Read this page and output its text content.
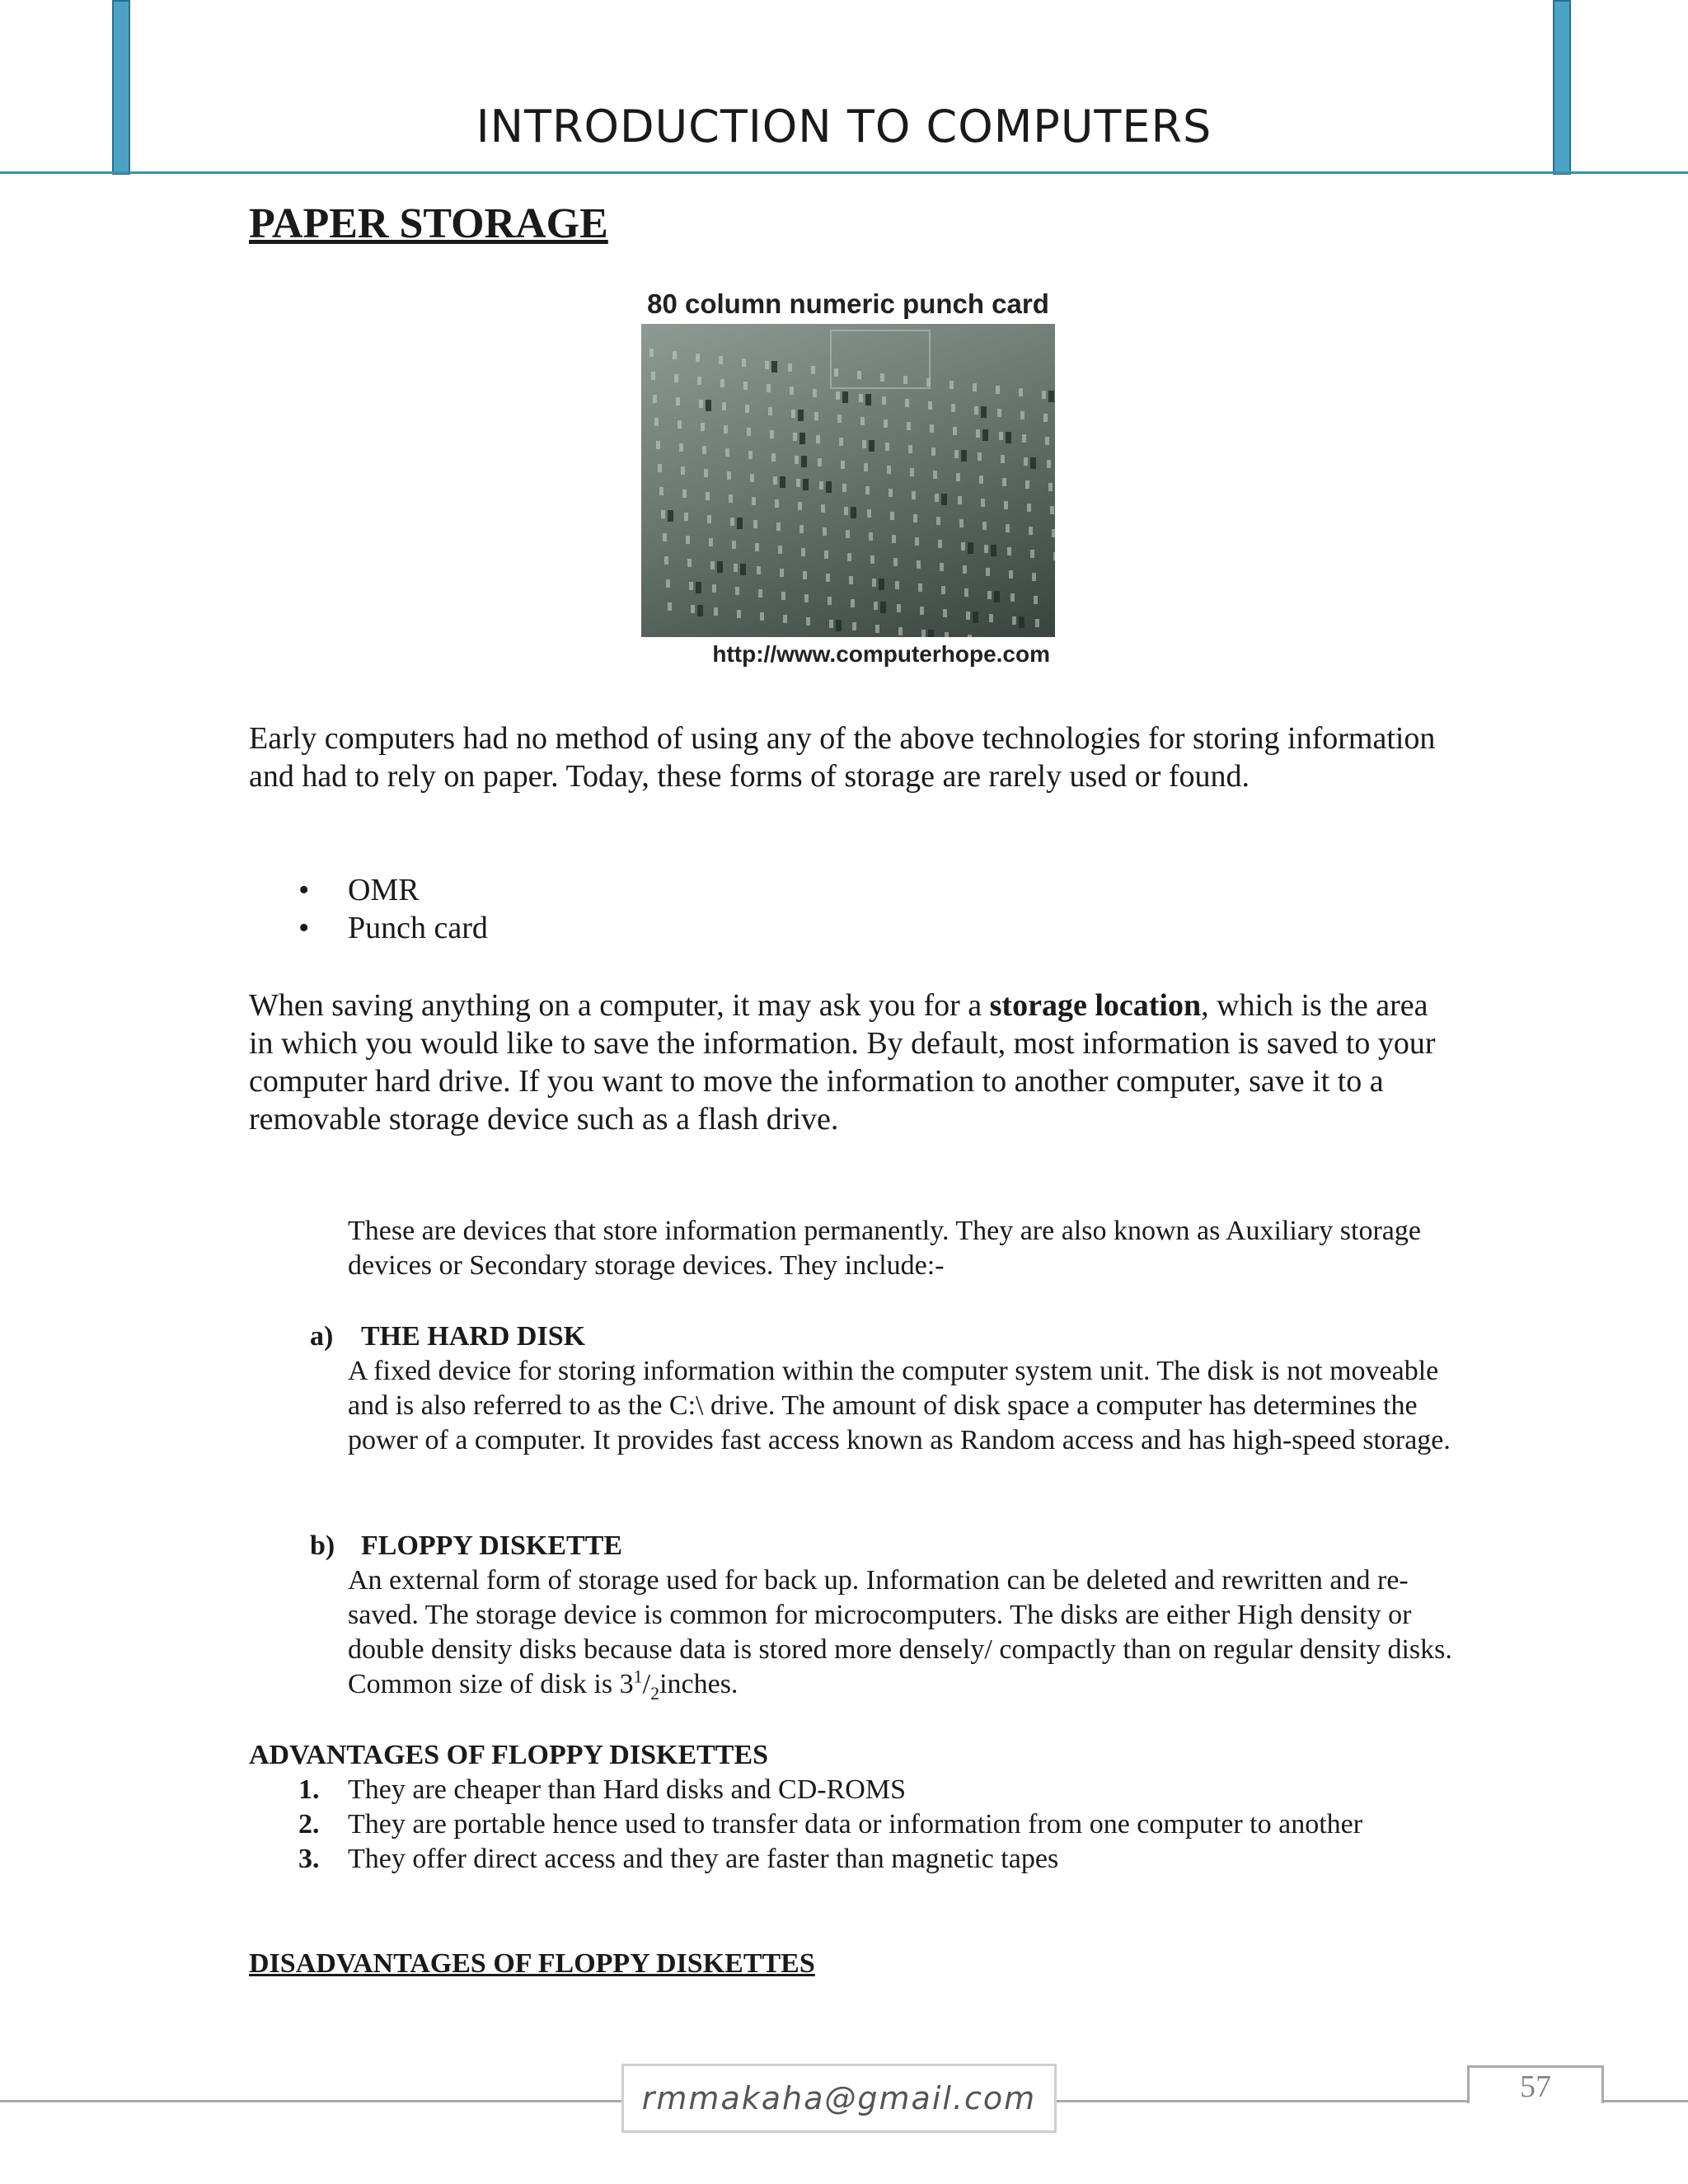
INTRODUCTION TO COMPUTERS
PAPER STORAGE
80 column numeric punch card
http://www.computerhope.com

Early computers had no method of using any of the above technologies for storing information and had to rely on paper. Today, these forms of storage are rarely used or found.

• OMR
• Punch card

When saving anything on a computer, it may ask you for a storage location, which is the area in which you would like to save the information. By default, most information is saved to your computer hard drive. If you want to move the information to another computer, save it to a removable storage device such as a flash drive.

These are devices that store information permanently. They are also known as Auxiliary storage devices or Secondary storage devices. They include:-

a) THE HARD DISK

A fixed device for storing information within the computer system unit. The disk is not moveable and is also referred to as the C:\ drive. The amount of disk space a computer has determines the power of a computer. It provides fast access known as Random access and has high-speed storage.

b) FLOPPY DISKETTE

An external form of storage used for back up. Information can be deleted and rewritten and re-saved. The storage device is common for microcomputers. The disks are either High density or double density disks because data is stored more densely/ compactly than on regular density disks. Common size of disk is $3^1/_2inches$.

ADVANTAGES OF FLOPPY DISKETTES
1. They are cheaper than Hard disks and CD-ROMS
2. They are portable hence used to transfer data or information from one computer to another
3. They offer direct access and they are faster than magnetic tapes
DISADVANTAGES OF FLOPPY DISKETTES
rmmakaha@gmail.com	57
